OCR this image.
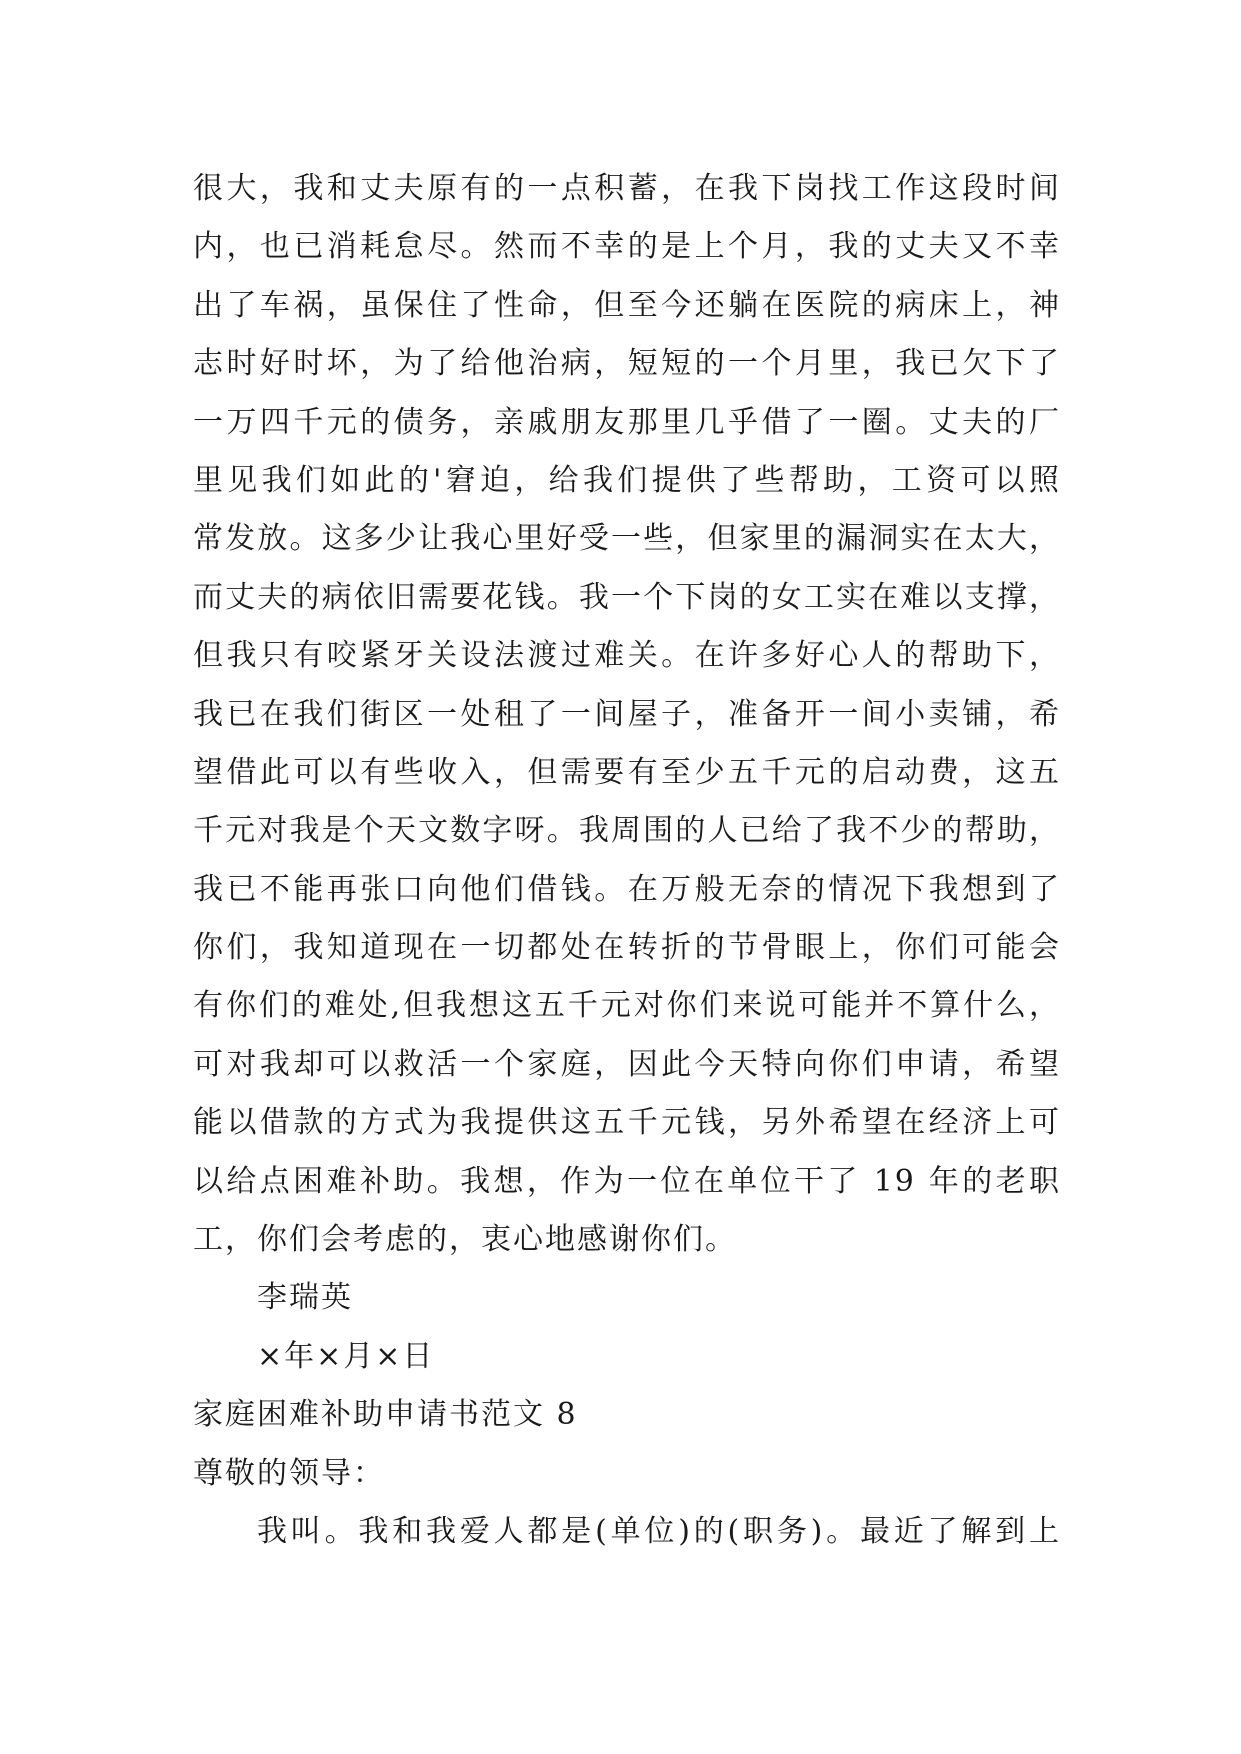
很大，我和丈夫原有的一点积蓄，在我下岗找工作这段时间
内，也已消耗怠尽。然而不幸的是上个月，我的丈夫又不幸
出了车祸，虽保住了性命，但至今还躺在医院的病床上，神
志时好时坏，为了给他治病，短短的一个月里，我已欠下了
一万四千元的债务，亲戚朋友那里几乎借了一圈。丈夫的厂
里见我们如此的'窘迫，给我们提供了些帮助，工资可以照
常发放。这多少让我心里好受一些，但家里的漏洞实在太大，
而丈夫的病依旧需要花钱。我一个下岗的女工实在难以支撑，
但我只有咬紧牙关设法渡过难关。在许多好心人的帮助下，
我已在我们街区一处租了一间屋子，准备开一间小卖铺，希
望借此可以有些收入，但需要有至少五千元的启动费，这五
千元对我是个天文数字呀。我周围的人已给了我不少的帮助，
我已不能再张口向他们借钱。在万般无奈的情况下我想到了
你们，我知道现在一切都处在转折的节骨眼上，你们可能会
有你们的难处,但我想这五千元对你们来说可能并不算什么，
可对我却可以救活一个家庭，因此今天特向你们申请，希望
能以借款的方式为我提供这五千元钱，另外希望在经济上可
以给点困难补助。我想，作为一位在单位干了 19 年的老职
工，你们会考虑的，衷心地感谢你们。
李瑞英
×年×月×日
家庭困难补助申请书范文 8
尊敬的领导：
我叫。我和我爱人都是(单位)的(职务)。最近了解到上
